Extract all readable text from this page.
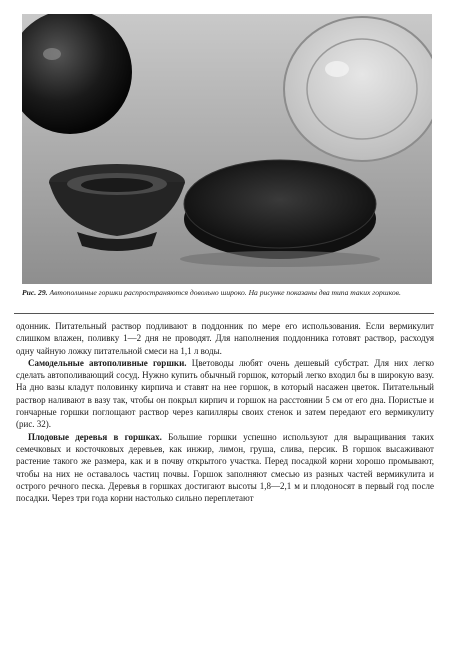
Рис. 29. Автополивные горшки распространяются довольно широко. На рисунке показаны два типа таких горшков.

одонник. Питательный раствор подливают в поддонник по мере его использования. Если вермикулит слишком влажен, поливку 1—2 дня не проводят. Для наполнения поддонника готовят раствор, расходуя одну чайную ложку питательной смеси на 1,1 л воды.

Самодельные автополивные горшки. Цветоводы любят очень дешевый субстрат. Для них легко сделать автополивающий сосуд. Нужно купить обычный горшок, который легко входил бы в широкую вазу. На дно вазы кладут половинку кирпича и ставят на нее горшок, в который насажен цветок. Питательный раствор наливают в вазу так, чтобы он покрыл кирпич и горшок на расстоянии 5 см от его дна. Пористые и гончарные горшки поглощают раствор через капилляры своих стенок и затем передают его вермикулиту (рис. 32).

Плодовые деревья в горшках. Большие горшки успешно используют для выращивания таких семечковых и косточковых деревьев, как инжир, лимон, груша, слива, персик. В горшок высаживают растение такого же размера, как и в почву открытого участка. Перед посадкой корни хорошо промывают, чтобы на них не оставалось частиц почвы. Горшок заполняют смесью из разных частей вермикулита и острого речного песка. Деревья в горшках достигают высоты 1,8—2,1 м и плодоносят в первый год после посадки. Через три года корни настолько сильно переплетают
